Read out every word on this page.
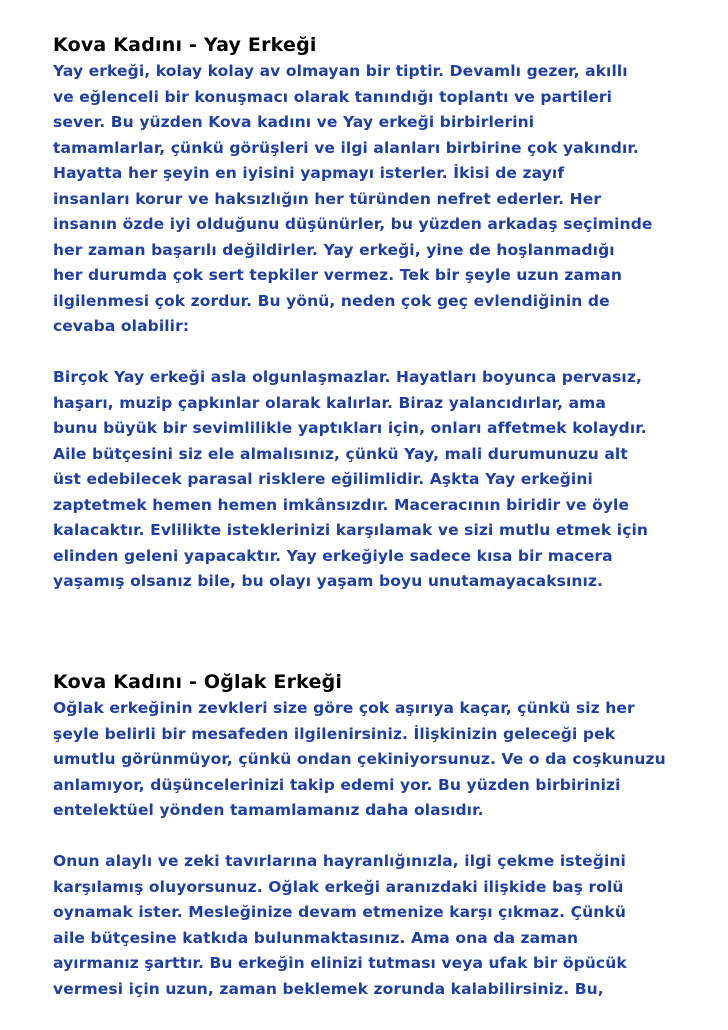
Kova Kadını - Yay Erkeği

Yay erkeği, kolay kolay av olmayan bir tiptir. Devamlı gezer, akıllı
ve eğlenceli bir konuşmacı olarak tanındığı toplantı ve partileri
sever. Bu yüzden Kova kadını ve Yay erkeği birbirlerini
tamamlarlar, çünkü görüşleri ve ilgi alanları birbirine çok yakındır.
Hayatta her şeyin en iyisini yapmayı isterler. İkisi de zayıf
insanları korur ve haksızlığın her türünden nefret ederler. Her
insanın özde iyi olduğunu düşünürler, bu yüzden arkadaş seçiminde
her zaman başarılı değildirler. Yay erkeği, yine de hoşlanmadığı
her durumda çok sert tepkiler vermez. Tek bir şeyle uzun zaman
ilgilenmesi çok zordur. Bu yönü, neden çok geç evlendiğinin de
cevaba olabilir:

Birçok Yay erkeği asla olgunlaşmazlar. Hayatları boyunca pervasız,
haşarı, muzip çapkınlar olarak kalırlar. Biraz yalancıdırlar, ama
bunu büyük bir sevimlilikle yaptıkları için, onları affetmek kolaydır.
Aile bütçesini siz ele almalısınız, çünkü Yay, mali durumunuzu alt
üst edebilecek parasal risklere eğilimlidir. Aşkta Yay erkeğini
zaptetmek hemen hemen imkânsızdır. Maceracının biridir ve öyle
kalacaktır. Evlilikte isteklerinizi karşılamak ve sizi mutlu etmek için
elinden geleni yapacaktır. Yay erkeğiyle sadece kısa bir macera
yaşamış olsanız bile, bu olayı yaşam boyu unutamayacaksınız.

Kova Kadını - Oğlak Erkeği

Oğlak erkeğinin zevkleri size göre çok aşırıya kaçar, çünkü siz her
şeyle belirli bir mesafeden ilgilenirsiniz. İlişkinizin geleceği pek
umutlu görünmüyor, çünkü ondan çekiniyorsunuz. Ve o da coşkunuzu
anlamıyor, düşüncelerinizi takip edemi yor. Bu yüzden birbirinizi
entelektüel yönden tamamlamanız daha olasıdır.

Onun alaylı ve zeki tavırlarına hayranlığınızla, ilgi çekme isteğini
karşılamış oluyorsunuz. Oğlak erkeği aranızdaki ilişkide baş rolü
oynamak ister. Mesleğinize devam etmenize karşı çıkmaz. Çünkü
aile bütçesine katkıda bulunmaktasınız. Ama ona da zaman
ayırmanız şarttır. Bu erkeğin elinizi tutması veya ufak bir öpücük
vermesi için uzun, zaman beklemek zorunda kalabilirsiniz. Bu,
